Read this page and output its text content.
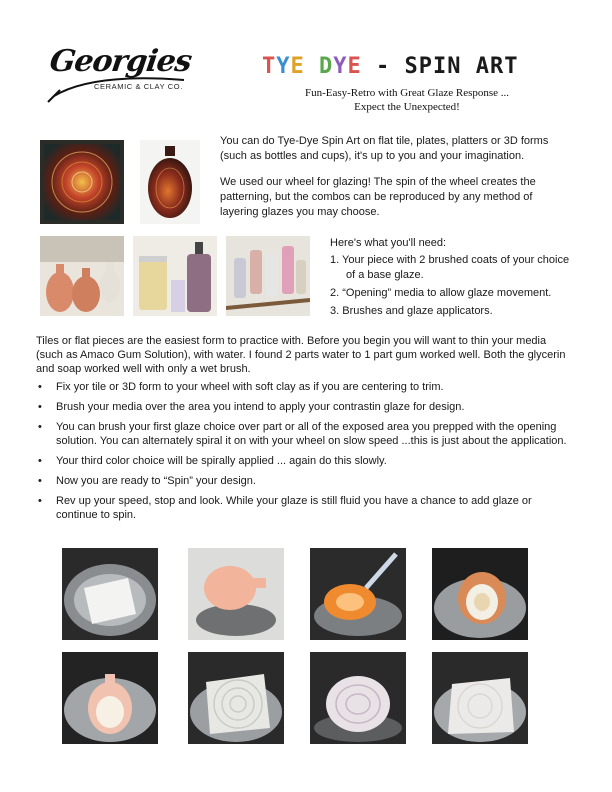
Georgies
CERAMIC & CLAY CO.
TYE DYE - SPIN ART
Fun-Easy-Retro with Great Glaze Response ...
Expect the Unexpected!

You can do Tye-Dye Spin Art on flat tile, plates, platters or 3D forms (such as bottles and cups), it's up to you and your imagination.

We used our wheel for glazing! The spin of the wheel creates the patterning, but the combos can be reproduced by any method of layering glazes you may choose.

Here's what you'll need:
1. Your piece with 2 brushed coats of your choice of a base glaze.
2. “Opening” media to allow glaze movement.
3. Brushes and glaze applicators.
Tiles or flat pieces are the easiest form to practice with. Before you begin you will want to thin your media (such as Amaco Gum Solution), with water. I found 2 parts water to 1 part gum worked well. Both the glycerin and soap worked well with only a wet brush.
• Fix yor tile or 3D form to your wheel with soft clay as if you are centering to trim.
• Brush your media over the area you intend to apply your contrastin glaze for design.
• You can brush your first glaze choice over part or all of the exposed area you prepped with the opening solution. You can alternately spiral it on with your wheel on slow speed ...this is just about the application.
• Your third color choice will be spirally applied ... again do this slowly.
• Now you are ready to “Spin” your design.
• Rev up your speed, stop and look. While your glaze is still fluid you have a chance to add glaze or continue to spin.
